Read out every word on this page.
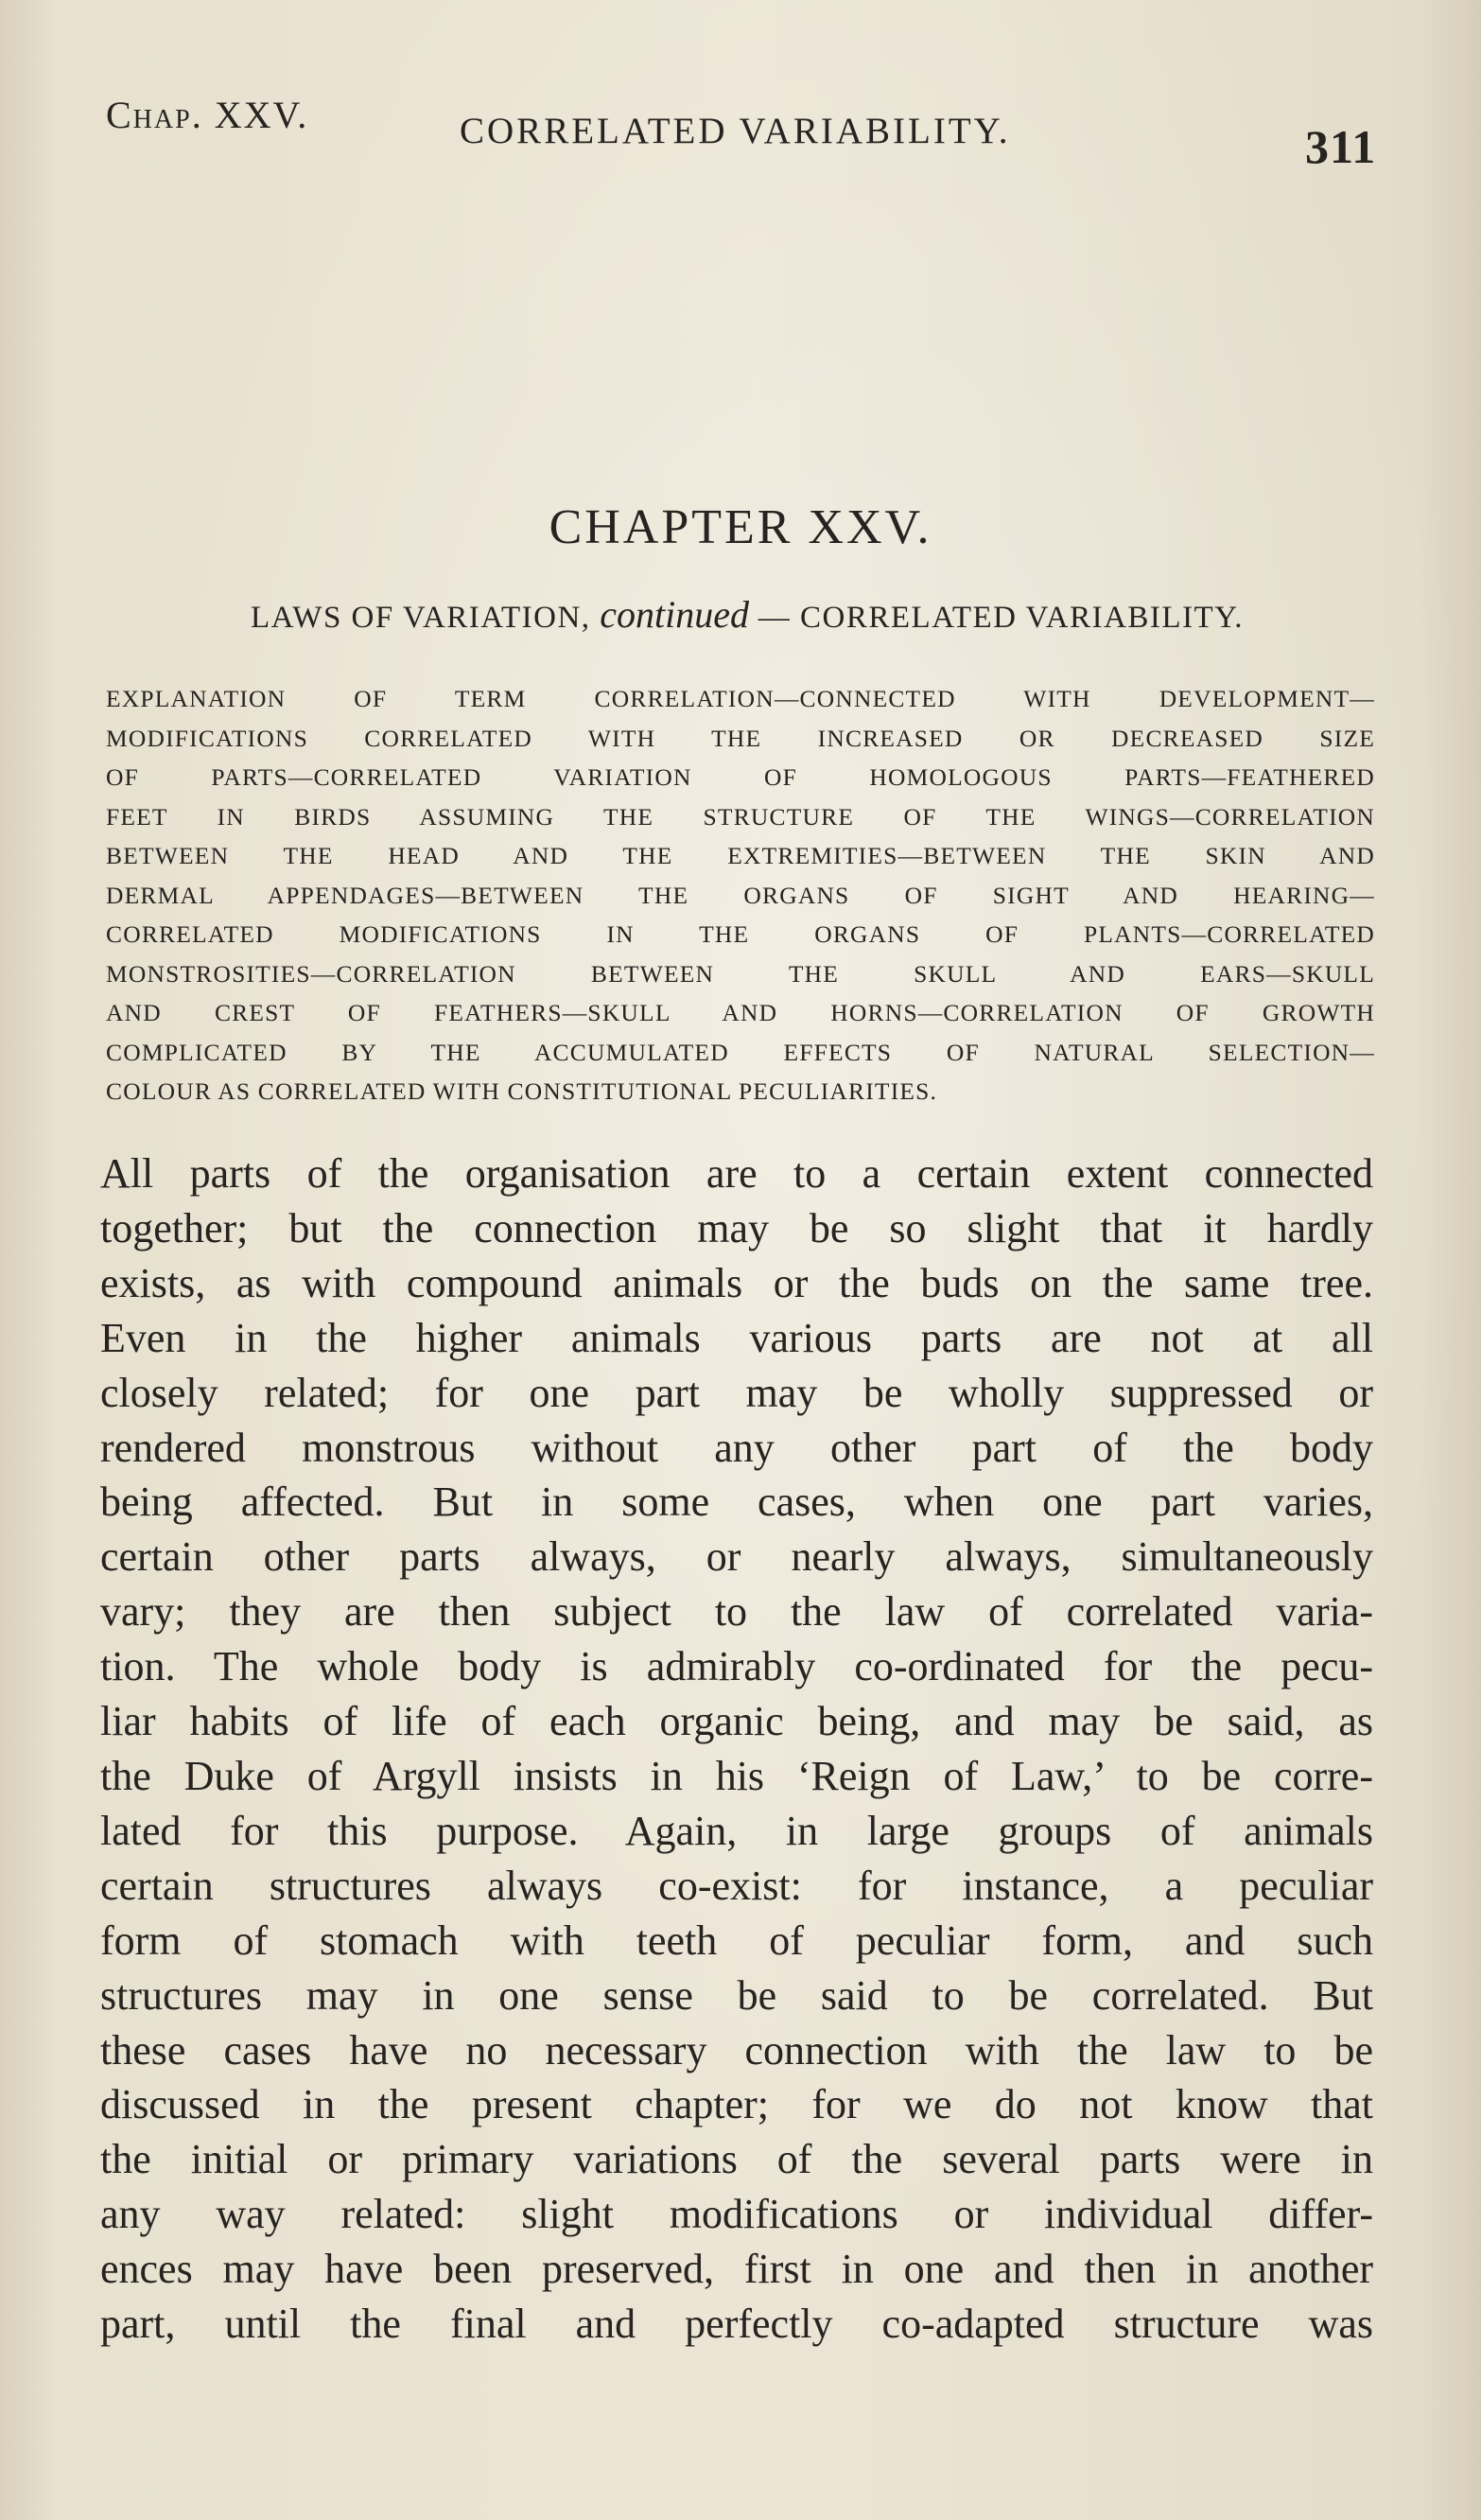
Chap. XXV.	CORRELATED VARIABILITY.	311
CHAPTER XXV.
LAWS OF VARIATION, continued — CORRELATED VARIABILITY.
EXPLANATION OF TERM CORRELATION—CONNECTED WITH DEVELOPMENT—
MODIFICATIONS CORRELATED WITH THE INCREASED OR DECREASED SIZE
OF PARTS—CORRELATED VARIATION OF HOMOLOGOUS PARTS—FEATHERED
FEET IN BIRDS ASSUMING THE STRUCTURE OF THE WINGS—CORRELATION
BETWEEN THE HEAD AND THE EXTREMITIES—BETWEEN THE SKIN AND
DERMAL APPENDAGES—BETWEEN THE ORGANS OF SIGHT AND HEARING—
CORRELATED MODIFICATIONS IN THE ORGANS OF PLANTS—CORRELATED
MONSTROSITIES—CORRELATION BETWEEN THE SKULL AND EARS—SKULL
AND CREST OF FEATHERS—SKULL AND HORNS—CORRELATION OF GROWTH
COMPLICATED BY THE ACCUMULATED EFFECTS OF NATURAL SELECTION—
COLOUR AS CORRELATED WITH CONSTITUTIONAL PECULIARITIES.
All parts of the organisation are to a certain extent connected
together; but the connection may be so slight that it hardly
exists, as with compound animals or the buds on the same tree.
Even in the higher animals various parts are not at all
closely related; for one part may be wholly suppressed or
rendered monstrous without any other part of the body
being affected. But in some cases, when one part varies,
certain other parts always, or nearly always, simultaneously
vary; they are then subject to the law of correlated varia-
tion. The whole body is admirably co-ordinated for the pecu-
liar habits of life of each organic being, and may be said, as
the Duke of Argyll insists in his ‘Reign of Law,’ to be corre-
lated for this purpose. Again, in large groups of animals
certain structures always co-exist: for instance, a peculiar
form of stomach with teeth of peculiar form, and such
structures may in one sense be said to be correlated. But
these cases have no necessary connection with the law to be
discussed in the present chapter; for we do not know that
the initial or primary variations of the several parts were in
any way related: slight modifications or individual differ-
ences may have been preserved, first in one and then in another
part, until the final and perfectly co-adapted structure was
